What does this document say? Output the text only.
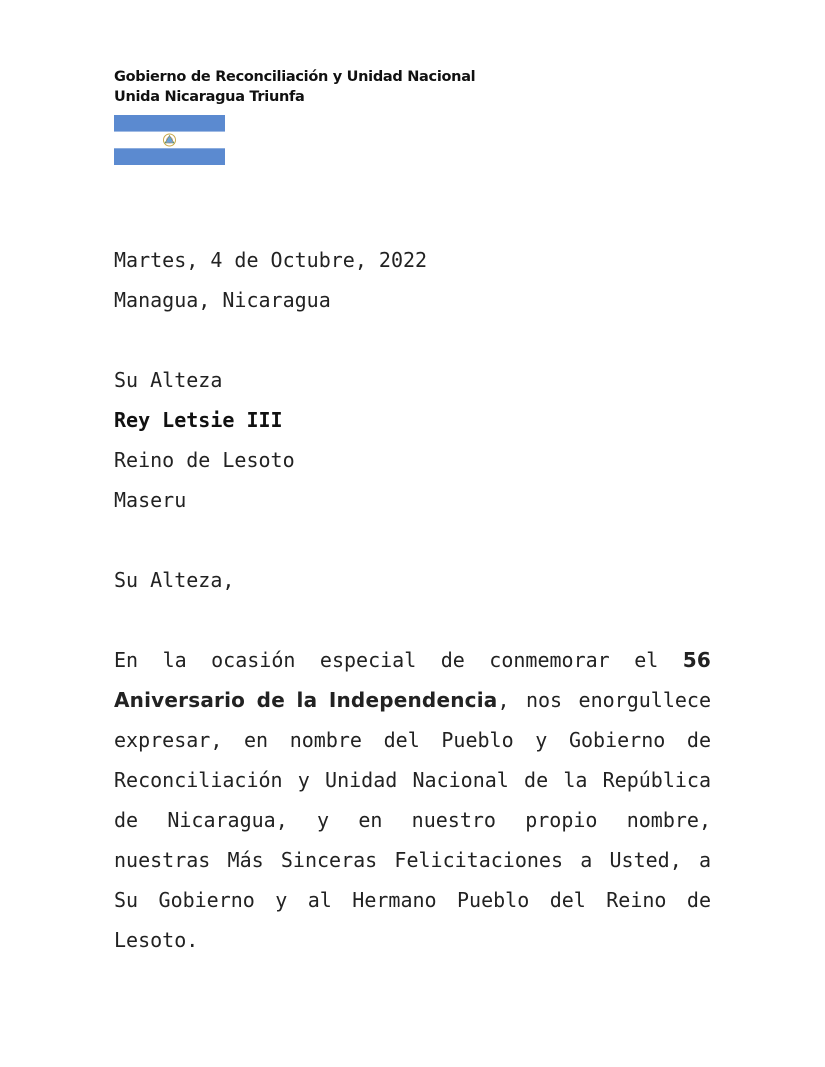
Gobierno de Reconciliación y Unidad Nacional
Unida Nicaragua Triunfa

Martes, 4 de Octubre, 2022

Managua, Nicaragua

Su Alteza

Rey Letsie III

Reino de Lesoto

Maseru

Su Alteza,

En la ocasión especial de conmemorar el 56 Aniversario de la Independencia, nos enorgullece expresar, en nombre del Pueblo y Gobierno de Reconciliación y Unidad Nacional de la República de Nicaragua, y en nuestro propio nombre, nuestras Más Sinceras Felicitaciones a Usted, a Su Gobierno y al Hermano Pueblo del Reino de Lesoto.
